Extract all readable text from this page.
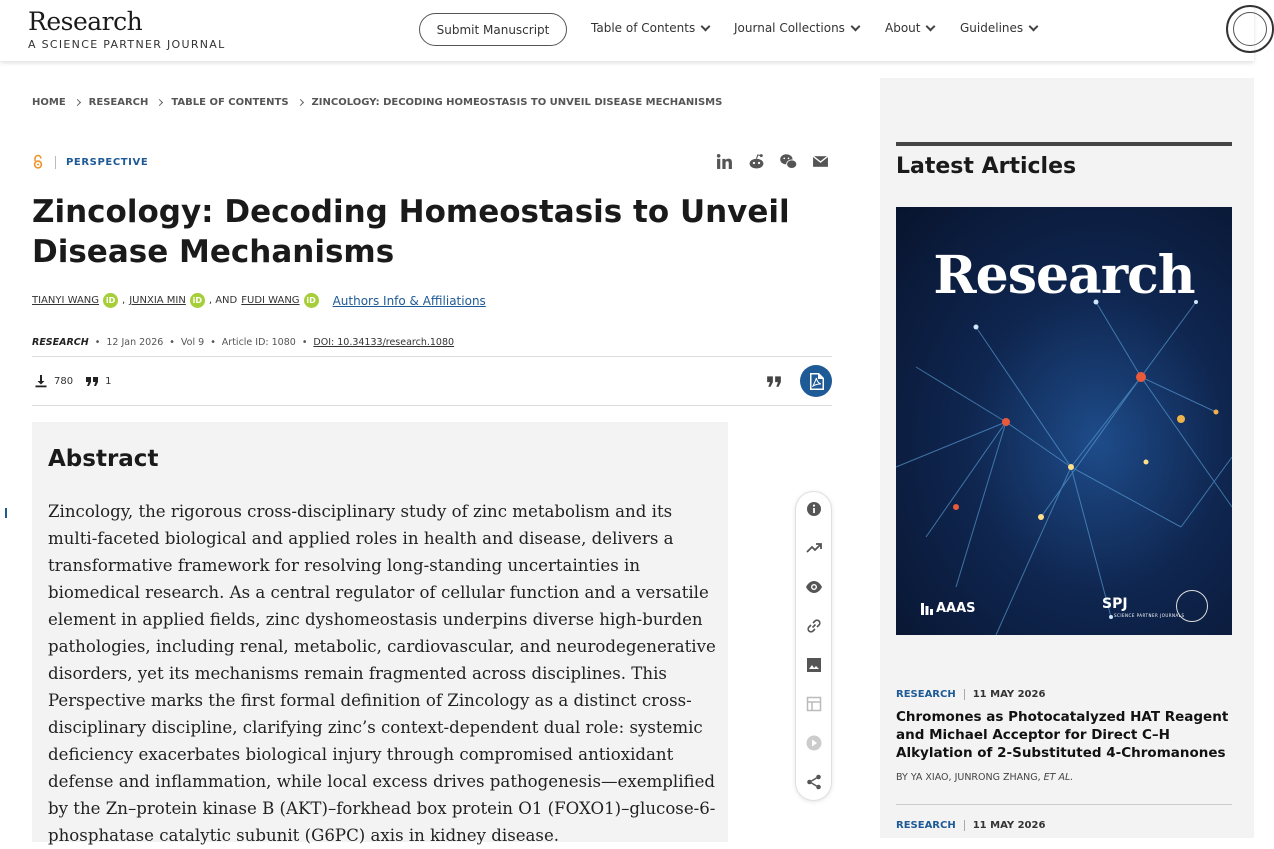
Research
A SCIENCE PARTNER JOURNAL
Submit Manuscript	Table of Contents	Journal Collections	About	Guidelines
HOME RESEARCH TABLE OF CONTENTS ZINCOLOGY: DECODING HOMEOSTASIS TO UNVEIL DISEASE MECHANISMS
PERSPECTIVE
Zincology: Decoding Homeostasis to Unveil Disease Mechanisms
TIANYI WANG iD , JUNXIA MIN iD , AND FUDI WANG iD Authors Info & Affiliations
RESEARCH • 12 Jan 2026 • Vol 9 • Article ID: 1080 • DOI: 10.34133/research.1080
780	1
Abstract

Zincology, the rigorous cross-disciplinary study of zinc metabolism and its multi-faceted biological and applied roles in health and disease, delivers a transformative framework for resolving long-standing uncertainties in biomedical research. As a central regulator of cellular function and a versatile element in applied fields, zinc dyshomeostasis underpins diverse high-burden pathologies, including renal, metabolic, cardiovascular, and neurodegenerative disorders, yet its mechanisms remain fragmented across disciplines. This Perspective marks the first formal definition of Zincology as a distinct cross-disciplinary discipline, clarifying zinc’s context-dependent dual role: systemic deficiency exacerbates biological injury through compromised antioxidant defense and inflammation, while local excess drives pathogenesis—exemplified by the Zn–protein kinase B (AKT)–forkhead box protein O1 (FOXO1)–glucose-6-phosphatase catalytic subunit (G6PC) axis in kidney disease.

Latest Articles
Research
AAAS	SPJ
SCIENCE PARTNER JOURNALS
RESEARCH 11 MAY 2026
Chromones as Photocatalyzed HAT Reagent and Michael Acceptor for Direct C–H Alkylation of 2-Substituted 4-Chromanones
BY YA XIAO, JUNRONG ZHANG, ET AL.
RESEARCH 11 MAY 2026
